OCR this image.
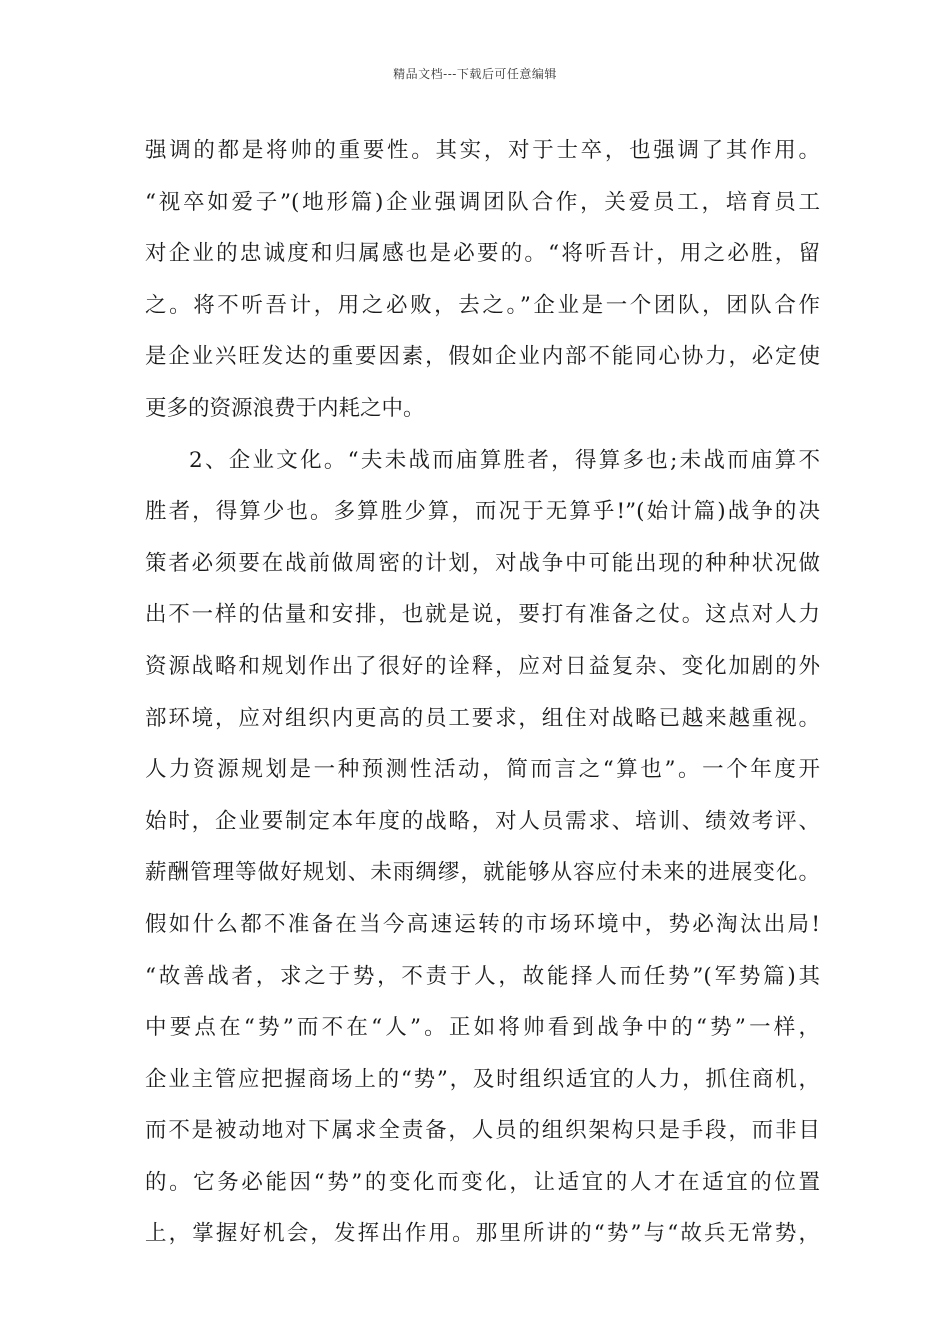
精品文档---下载后可任意编辑
强调的都是将帅的重要性。其实，对于士卒，也强调了其作用。
“视卒如爱子”(地形篇)企业强调团队合作，关爱员工，培育员工
对企业的忠诚度和归属感也是必要的。“将听吾计，用之必胜，留
之。将不听吾计，用之必败，去之。”企业是一个团队，团队合作
是企业兴旺发达的重要因素，假如企业内部不能同心协力，必定使
更多的资源浪费于内耗之中。
2、企业文化。“夫未战而庙算胜者，得算多也;未战而庙算不
胜者，得算少也。多算胜少算，而况于无算乎!”(始计篇)战争的决
策者必须要在战前做周密的计划，对战争中可能出现的种种状况做
出不一样的估量和安排，也就是说，要打有准备之仗。这点对人力
资源战略和规划作出了很好的诠释，应对日益复杂、变化加剧的外
部环境，应对组织内更高的员工要求，组住对战略已越来越重视。
人力资源规划是一种预测性活动，简而言之“算也”。一个年度开
始时，企业要制定本年度的战略，对人员需求、培训、绩效考评、
薪酬管理等做好规划、未雨绸缪，就能够从容应付未来的进展变化。
假如什么都不准备在当今高速运转的市场环境中，势必淘汰出局!
“故善战者，求之于势，不责于人，故能择人而任势”(军势篇)其
中要点在“势”而不在“人”。正如将帅看到战争中的“势”一样，
企业主管应把握商场上的“势”，及时组织适宜的人力，抓住商机，
而不是被动地对下属求全责备，人员的组织架构只是手段，而非目
的。它务必能因“势”的变化而变化，让适宜的人才在适宜的位置
上，掌握好机会，发挥出作用。那里所讲的“势”与“故兵无常势，
